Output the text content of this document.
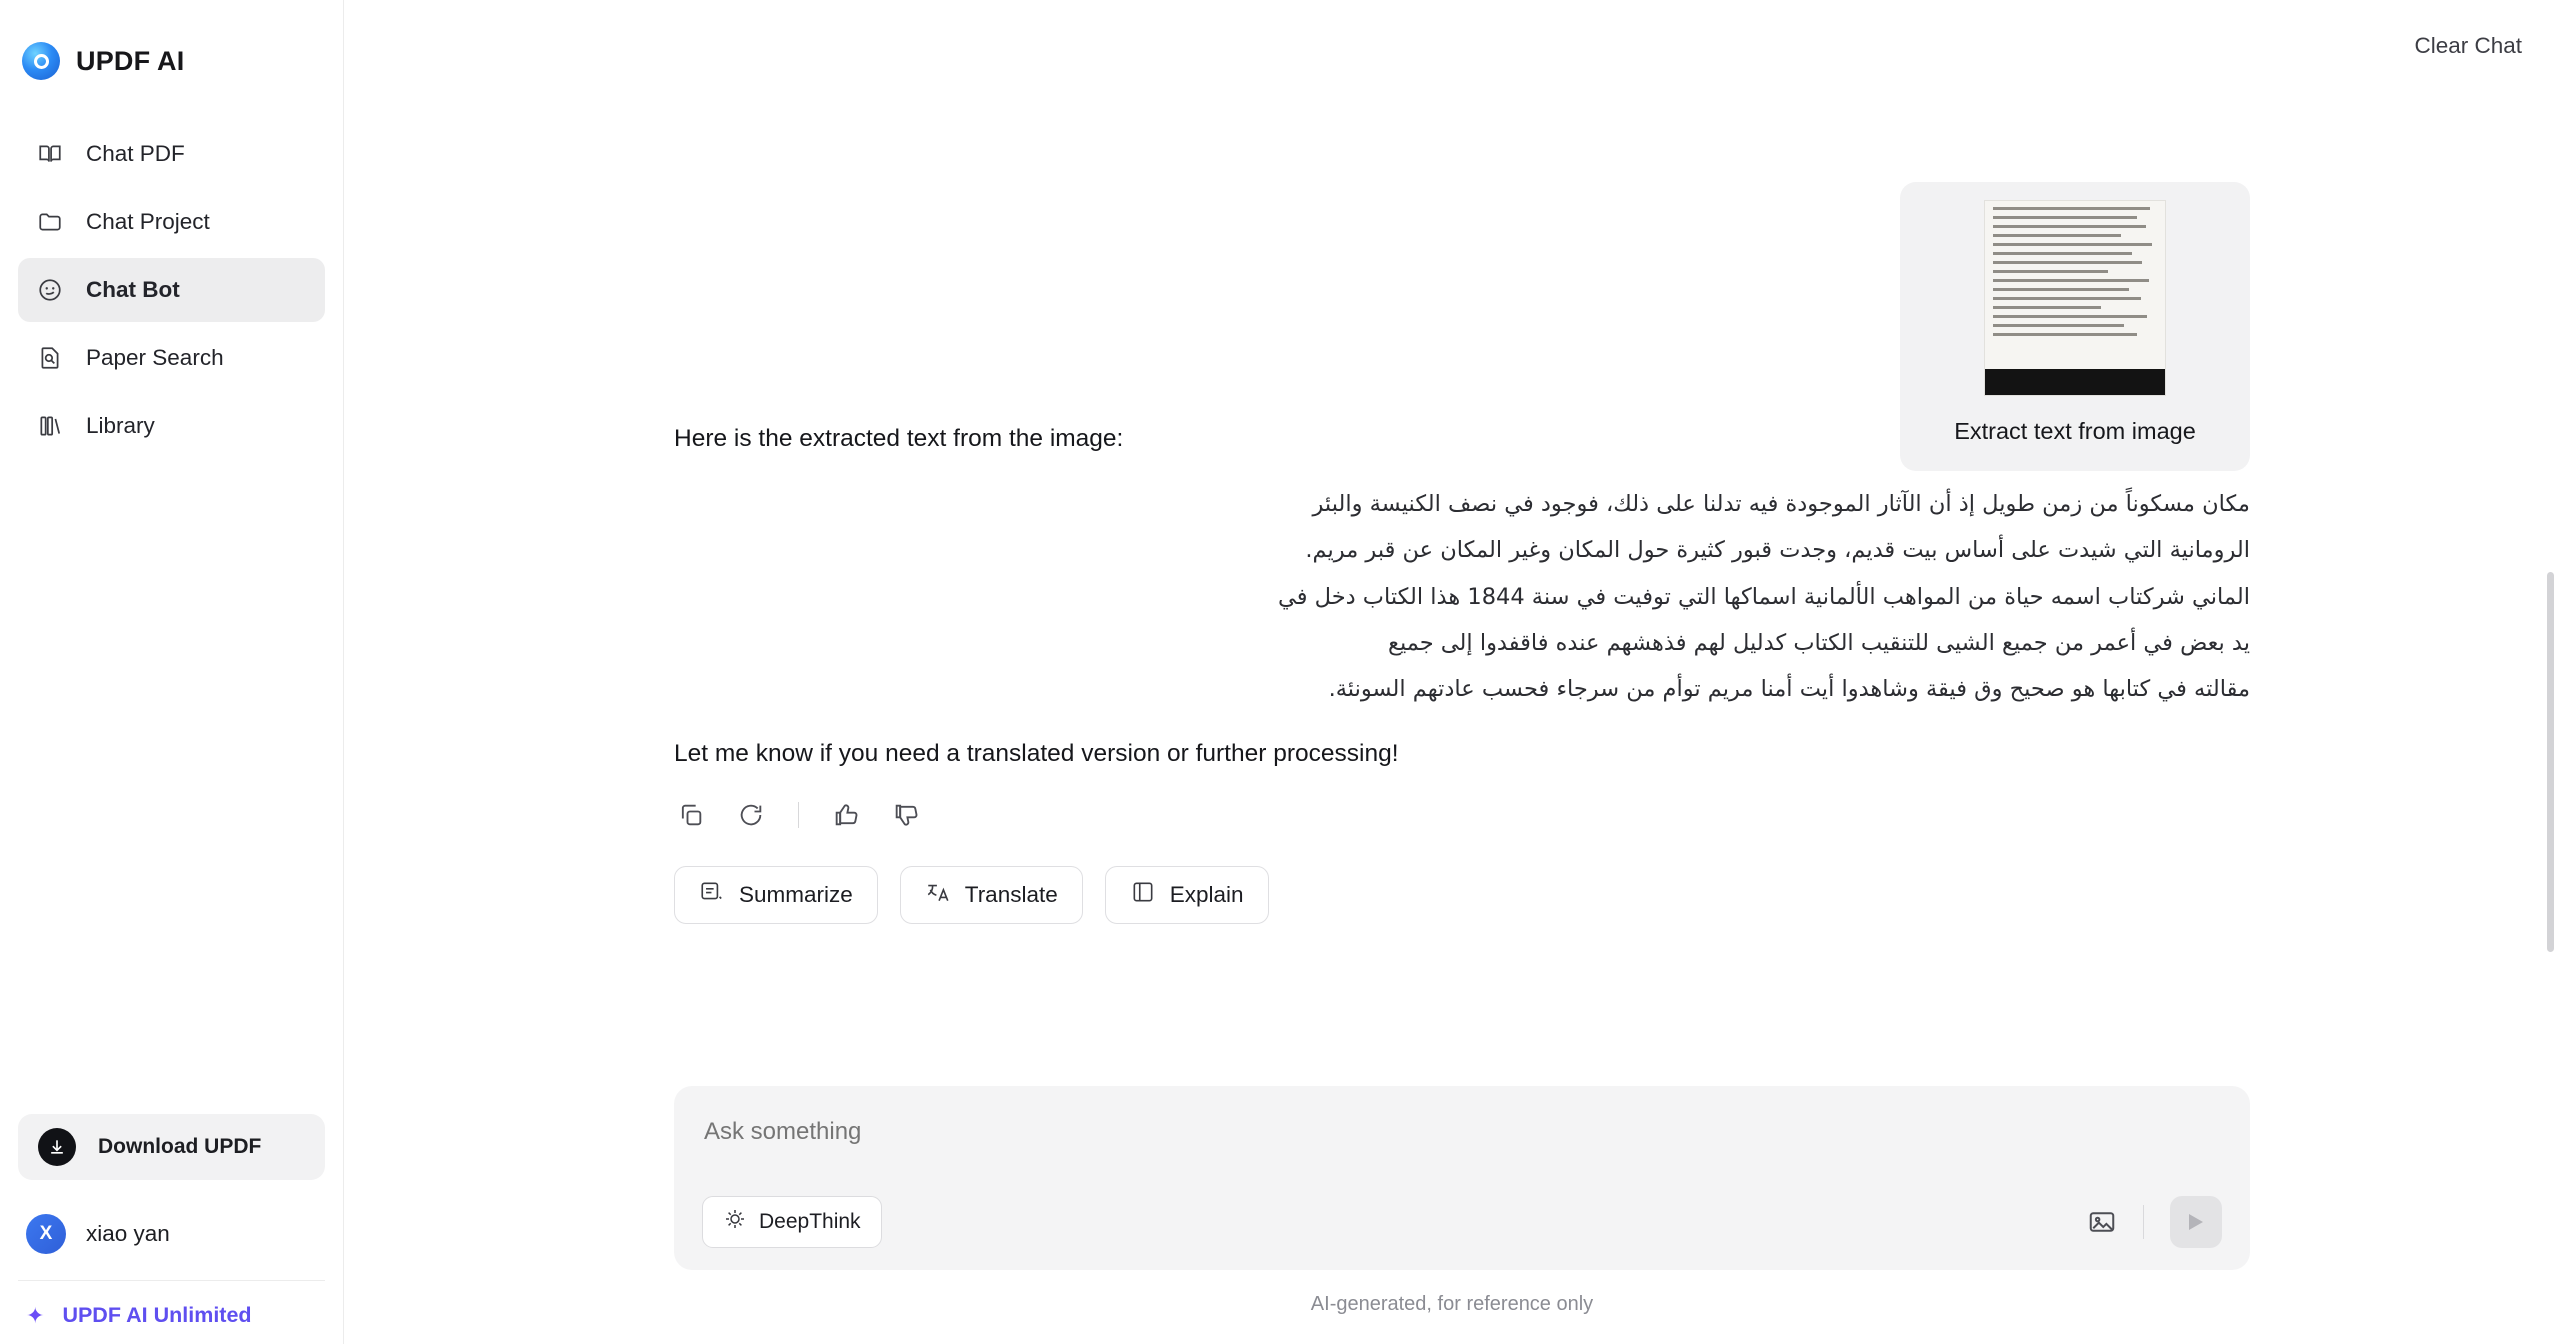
UPDF AI
Chat PDF
Chat Project
Chat Bot
Paper Search
Library
Download UPDF
X	xiao yan
✦ UPDF AI Unlimited
Clear Chat
Extract text from image
Here is the extracted text from the image:
مكان مسكوناً من زمن طويل إذ أن الآثار الموجودة فيه تدلنا على ذلك، فوجود في نصف الكنيسة والبئر
الرومانية التي شيدت على أساس بيت قديم، وجدت قبور كثيرة حول المكان وغير المكان عن قبر مريم.
الماني شركتاب اسمه حياة من المواهب الألمانية اسماكها التي توفيت في سنة 1844 هذا الكتاب دخل في
يد بعض في أعمر من جميع الشيى للتنقيب الكتاب كدليل لهم فذهشهم عنده فاقفدوا إلى جميع
مقالته في كتابها هو صحيح وق فيقة وشاهدوا أيت أمنا مريم توأم من سرجاء فحسب عادتهم السونئة.
Let me know if you need a translated version or further processing!
Summarize	Translate	Explain
Ask something
DeepThink
AI-generated, for reference only
